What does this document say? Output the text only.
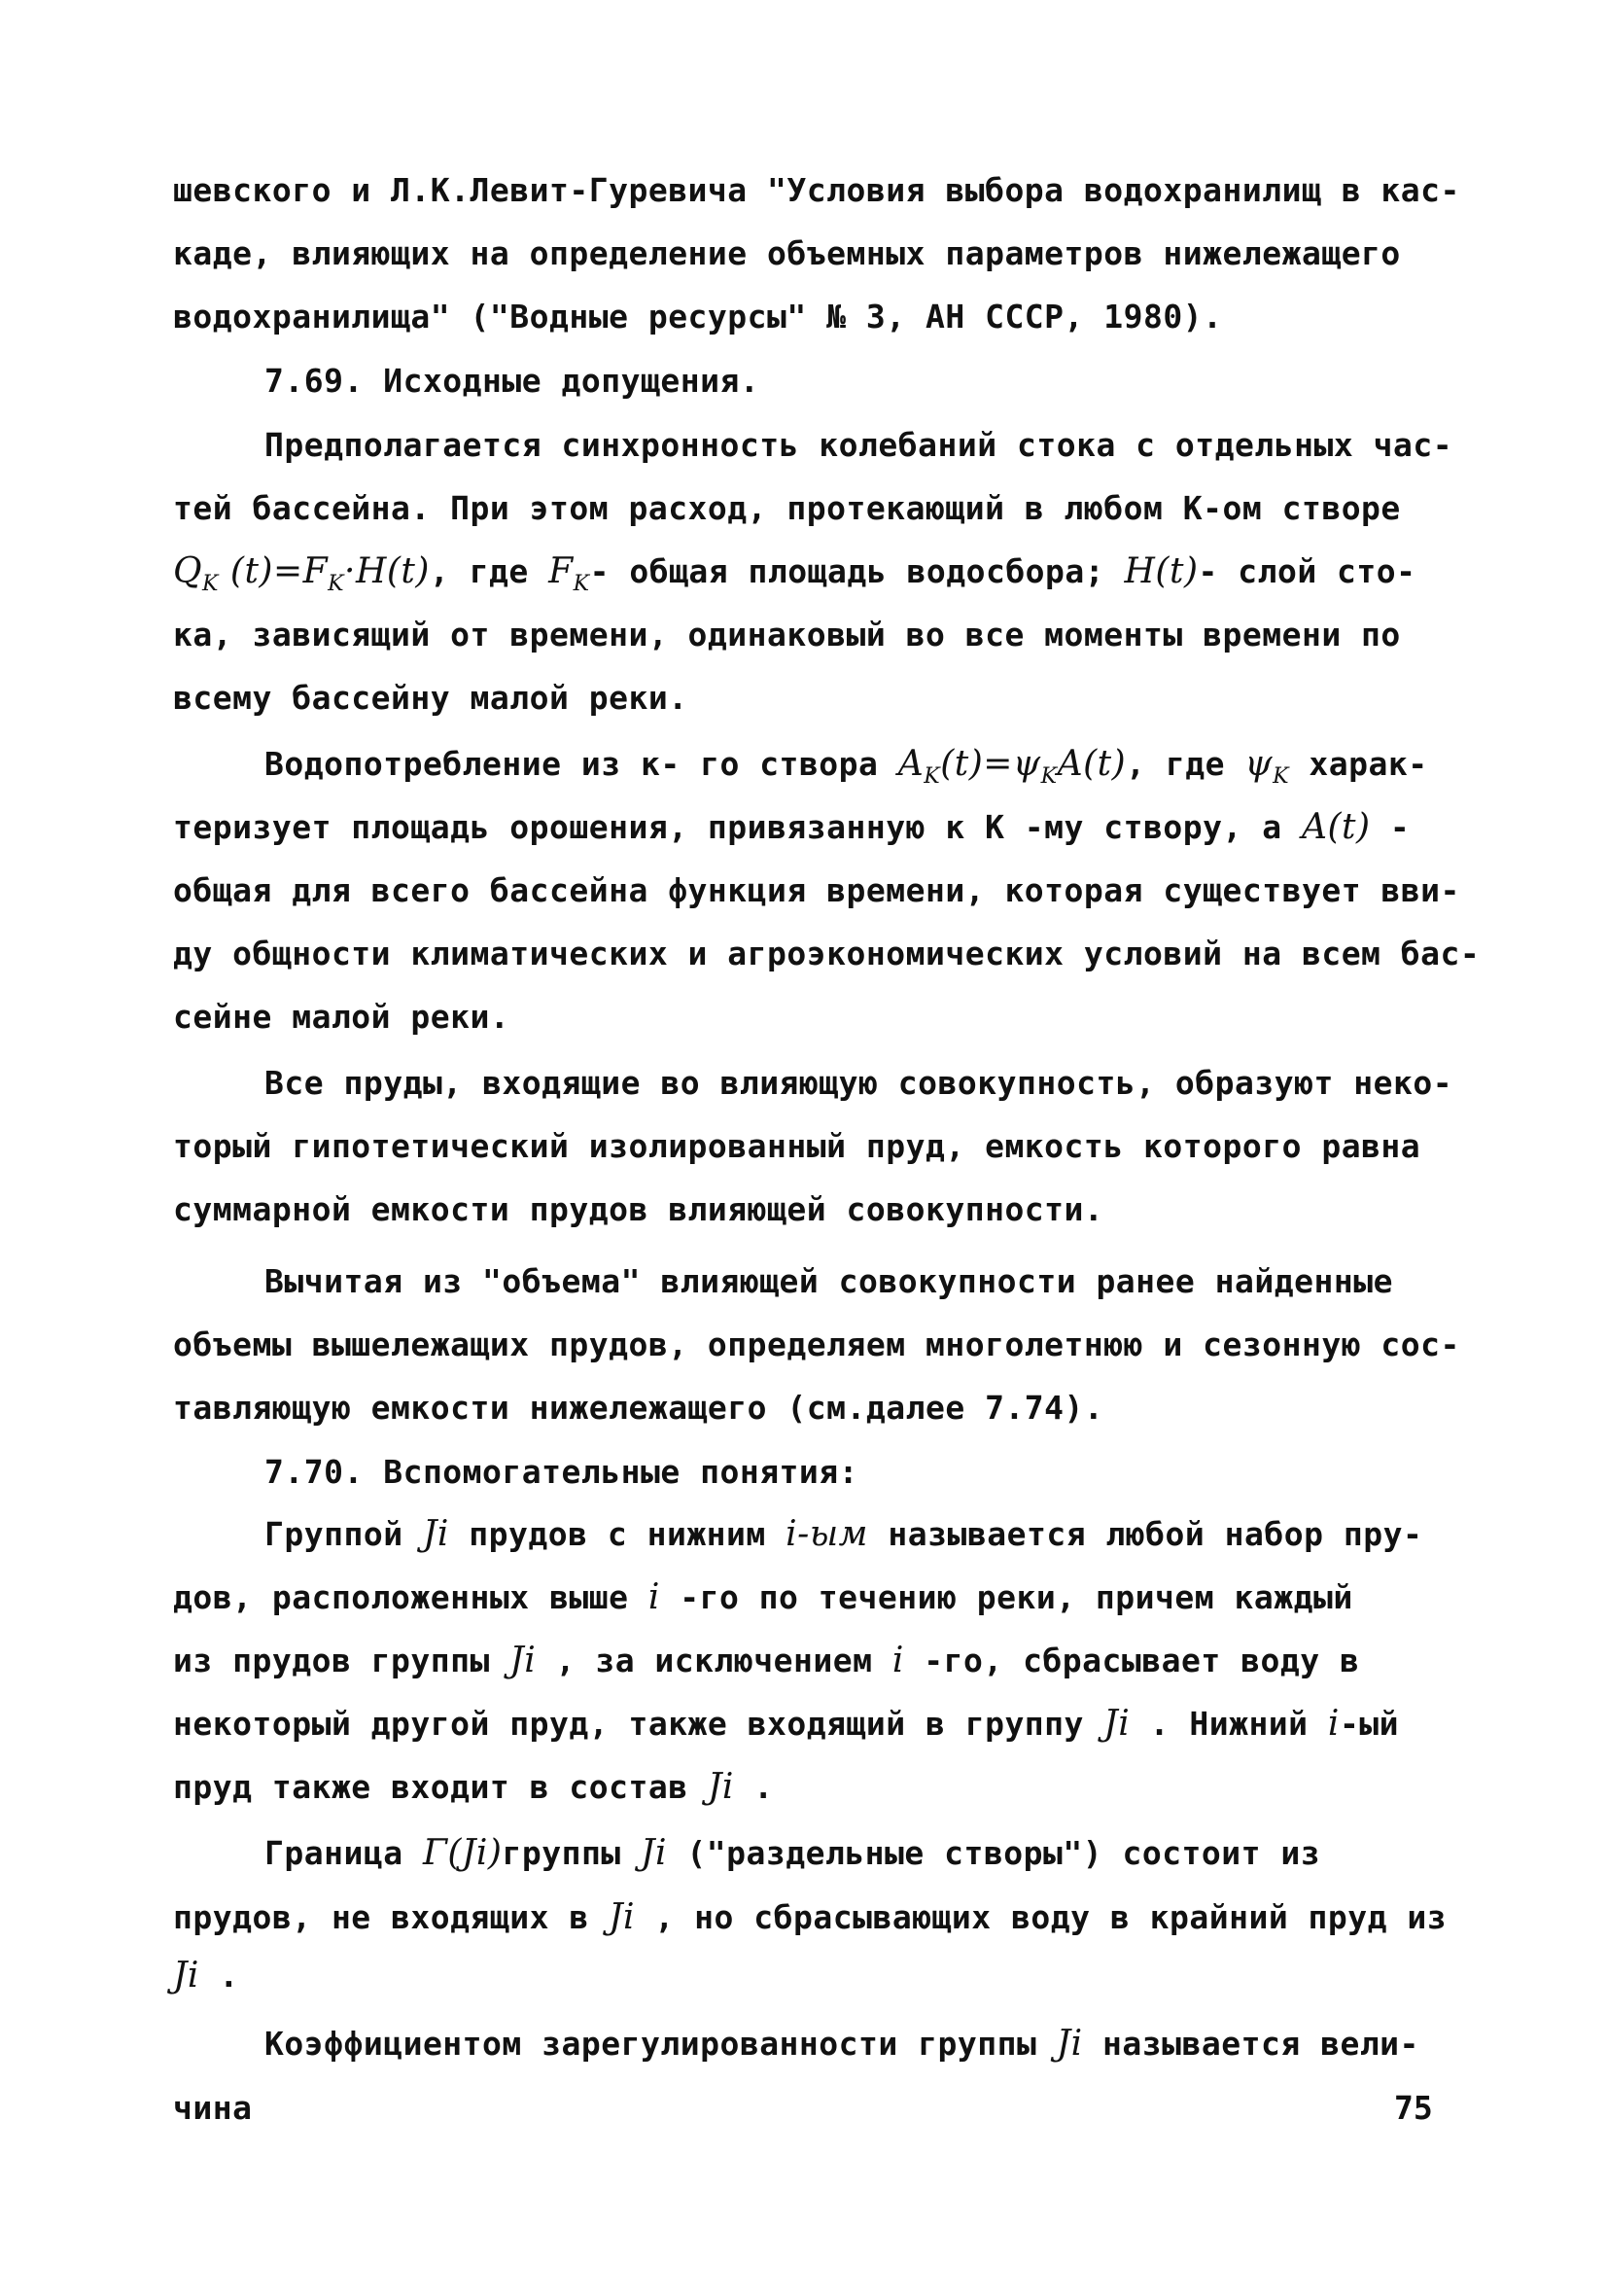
шевского и Л.К.Левит-Гуревича "Условия выбора водохранилищ в кас-
каде, влияющих на определение объемных параметров нижележащего
водохранилища" ("Водные ресурсы" № 3, АН СССР, 1980).
7.69. Исходные допущения.
Предполагается синхронность колебаний стока с отдельных час-
тей бассейна. При этом расход, протекающий в любом К-ом створе
$Q_K$ $(t)=F_K\cdot H(t)$, где $F_K-$ общая площадь водосбора; H(t)- слой сто-
ка, зависящий от времени, одинаковый во все моменты времени по
всему бассейну малой реки.
Водопотребление из к- го створа $A_K(t)=\psi_KA(t)$, где $\psi_K$ харак-
теризует площадь орошения, привязанную к К -му створу, а A(t) -
общая для всего бассейна функция времени, которая существует вви-
ду общности климатических и агроэкономических условий на всем бас-
сейне малой реки.
Все пруды, входящие во влияющую совокупность, образуют неко-
торый гипотетический изолированный пруд, емкость которого равна
суммарной емкости прудов влияющей совокупности.
Вычитая из "объема" влияющей совокупности ранее найденные
объемы вышележащих прудов, определяем многолетнюю и сезонную сос-
тавляющую емкости нижележащего (см.далее 7.74).
7.70. Вспомогательные понятия:
Группой Ji прудов с нижним i-ым называется любой набор пру-
дов, расположенных выше i -го по течению реки, причем каждый
из прудов группы Ji , за исключением i -го, сбрасывает воду в
некоторый другой пруд, также входящий в группу Ji . Нижний i-ый
пруд также входит в состав Ji .
Граница Γ(Ji)группы Ji ("раздельные створы") состоит из
прудов, не входящих в Ji , но сбрасывающих воду в крайний пруд из
Ji .
Коэффициентом зарегулированности группы Ji называется вели-
чина	75
